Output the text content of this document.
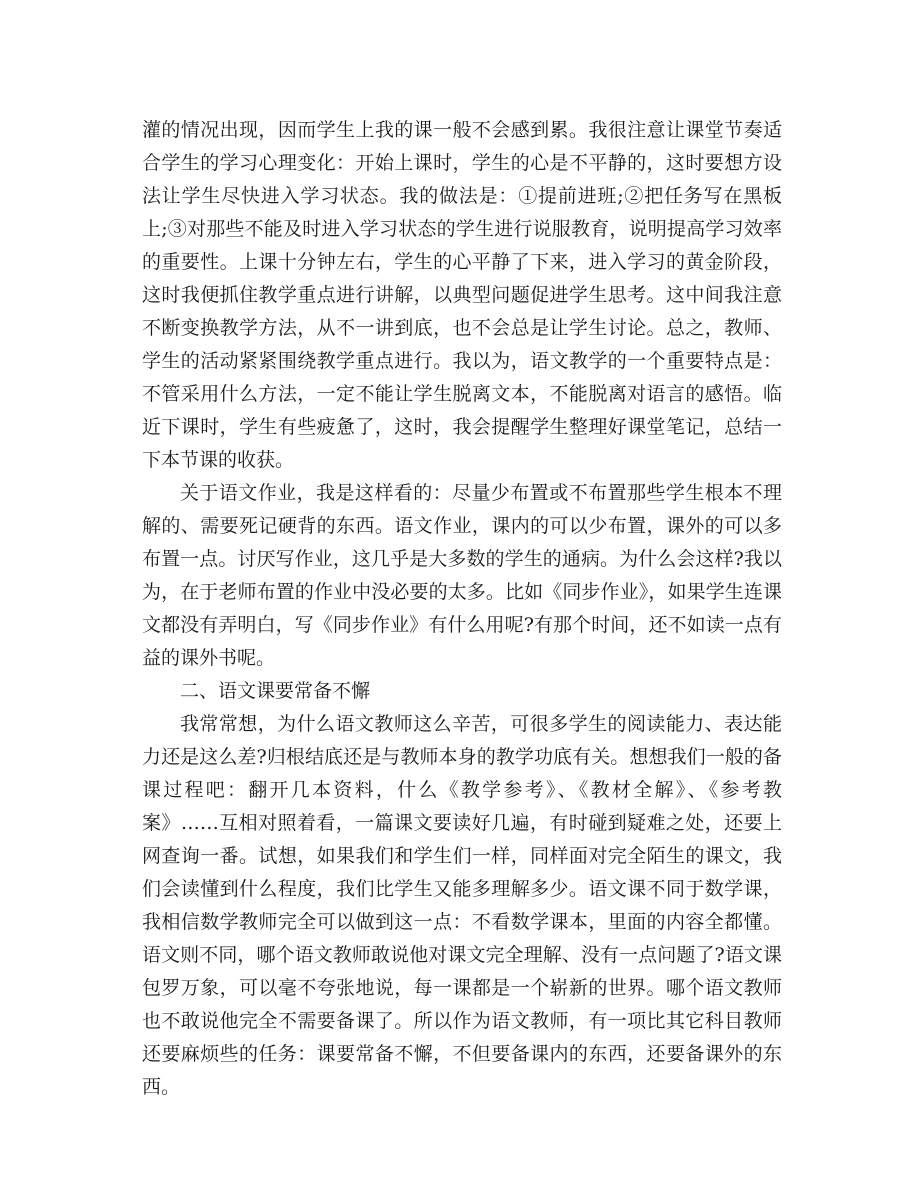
灌的情况出现，因而学生上我的课一般不会感到累。我很注意让课堂节奏适合学生的学习心理变化：开始上课时，学生的心是不平静的，这时要想方设法让学生尽快进入学习状态。我的做法是：①提前进班;②把任务写在黑板上;③对那些不能及时进入学习状态的学生进行说服教育，说明提高学习效率的重要性。上课十分钟左右，学生的心平静了下来，进入学习的黄金阶段，这时我便抓住教学重点进行讲解，以典型问题促进学生思考。这中间我注意不断变换教学方法，从不一讲到底，也不会总是让学生讨论。总之，教师、学生的活动紧紧围绕教学重点进行。我以为，语文教学的一个重要特点是：不管采用什么方法，一定不能让学生脱离文本，不能脱离对语言的感悟。临近下课时，学生有些疲惫了，这时，我会提醒学生整理好课堂笔记，总结一下本节课的收获。

关于语文作业，我是这样看的：尽量少布置或不布置那些学生根本不理解的、需要死记硬背的东西。语文作业，课内的可以少布置，课外的可以多布置一点。讨厌写作业，这几乎是大多数的学生的通病。为什么会这样?我以为，在于老师布置的作业中没必要的太多。比如《同步作业》，如果学生连课文都没有弄明白，写《同步作业》有什么用呢?有那个时间，还不如读一点有益的课外书呢。

二、语文课要常备不懈

我常常想，为什么语文教师这么辛苦，可很多学生的阅读能力、表达能力还是这么差?归根结底还是与教师本身的教学功底有关。想想我们一般的备课过程吧：翻开几本资料，什么《教学参考》、《教材全解》、《参考教案》……互相对照着看，一篇课文要读好几遍，有时碰到疑难之处，还要上网查询一番。试想，如果我们和学生们一样，同样面对完全陌生的课文，我们会读懂到什么程度，我们比学生又能多理解多少。语文课不同于数学课，我相信数学教师完全可以做到这一点：不看数学课本，里面的内容全都懂。语文则不同，哪个语文教师敢说他对课文完全理解、没有一点问题了?语文课包罗万象，可以毫不夸张地说，每一课都是一个崭新的世界。哪个语文教师也不敢说他完全不需要备课了。所以作为语文教师，有一项比其它科目教师还要麻烦些的任务：课要常备不懈，不但要备课内的东西，还要备课外的东西。
